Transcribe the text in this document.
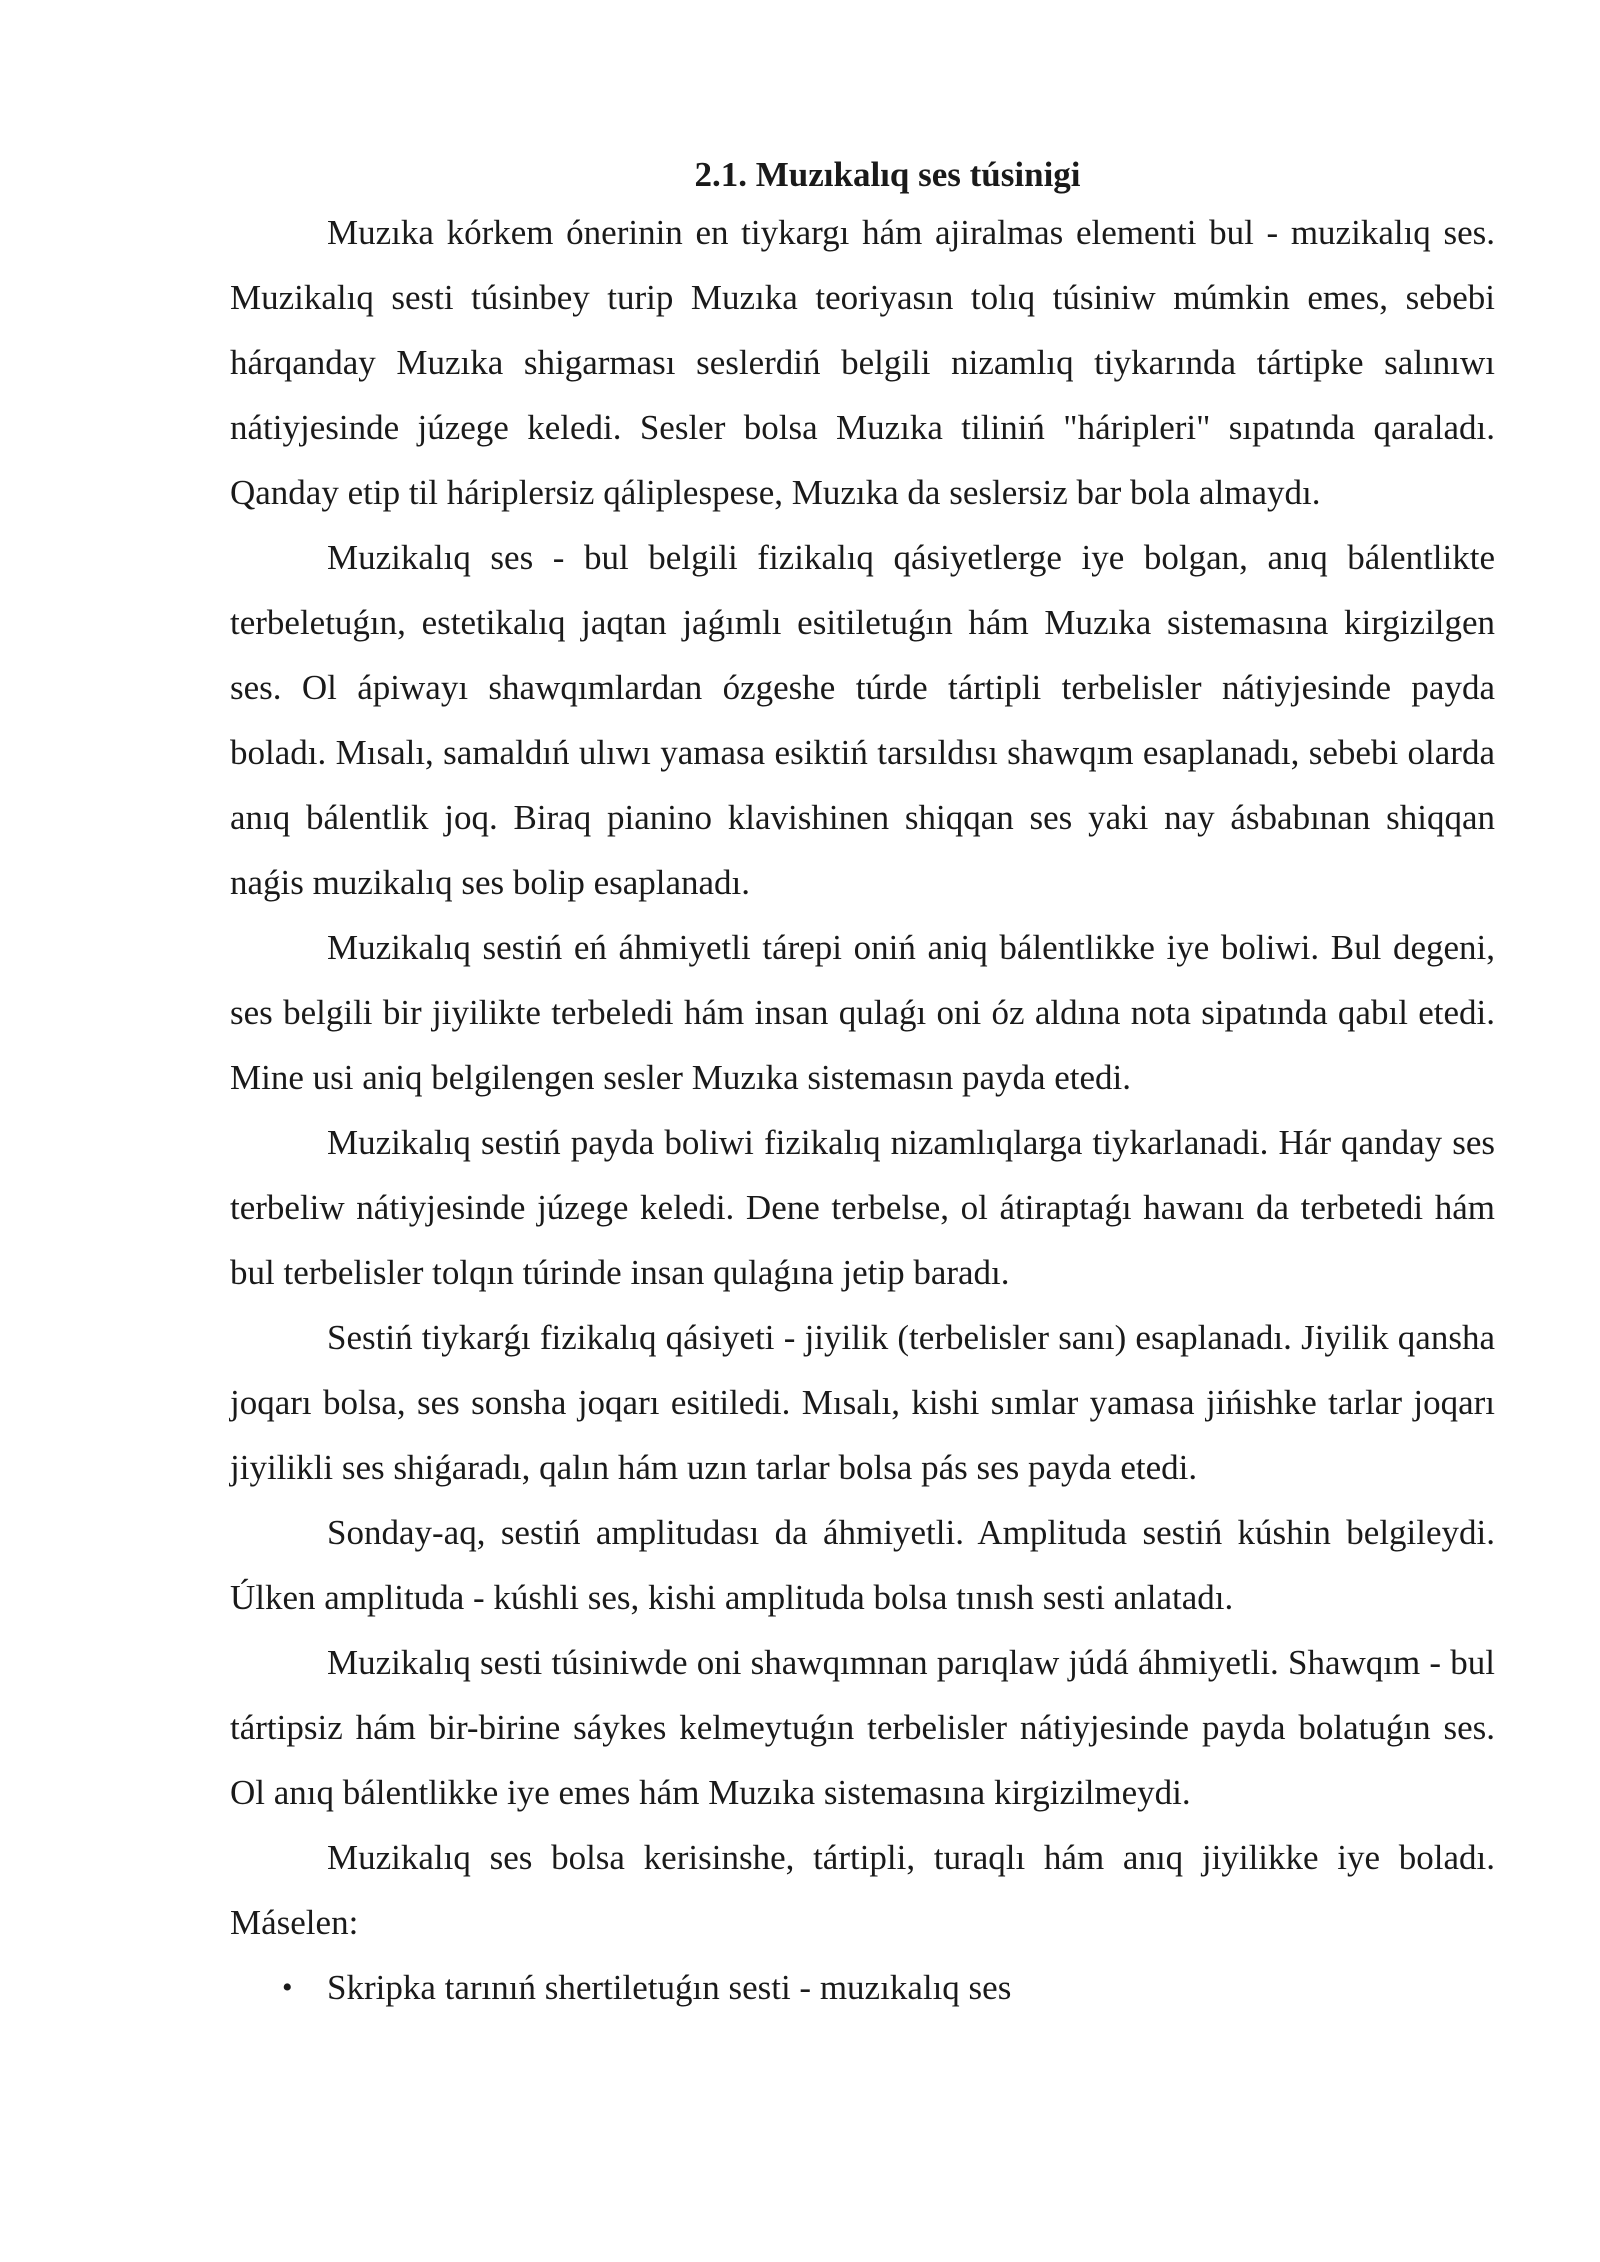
2.1. Muzıkalıq ses túsinigi

Muzıka kórkem ónerinin en tiykargı hám ajiralmas elementi bul - muzikalıq ses. Muzikalıq sesti túsinbey turip Muzıka teoriyasın tolıq túsiniw múmkin emes, sebebi hárqanday Muzıka shigarması seslerdiń belgili nizamlıq tiykarında tártipke salınıwı nátiyjesinde júzege keledi. Sesler bolsa Muzıka tiliniń "háripleri" sıpatında qaraladı. Qanday etip til háriplersiz qáliplespese, Muzıka da seslersiz bar bola almaydı.

Muzikalıq ses - bul belgili fizikalıq qásiyetlerge iye bolgan, anıq bálentlikte terbeletuǵın, estetikalıq jaqtan jaǵımlı esitiletuǵın hám Muzıka sistemasına kirgizilgen ses. Ol ápiwayı shawqımlardan ózgeshe túrde tártipli terbelisler nátiyjesinde payda boladı. Mısalı, samaldıń ulıwı yamasa esiktiń tarsıldısı shawqım esaplanadı, sebebi olarda anıq bálentlik joq. Biraq pianino klavishinen shiqqan ses yaki nay ásbabınan shiqqan naǵis muzikalıq ses bolip esaplanadı.

Muzikalıq sestiń eń áhmiyetli tárepi oniń aniq bálentlikke iye boliwi. Bul degeni, ses belgili bir jiyilikte terbeledi hám insan qulaǵı oni óz aldına nota sipatında qabıl etedi. Mine usi aniq belgilengen sesler Muzıka sistemasın payda etedi.

Muzikalıq sestiń payda boliwi fizikalıq nizamlıqlarga tiykarlanadi. Hár qanday ses terbeliw nátiyjesinde júzege keledi. Dene terbelse, ol átiraptaǵı hawanı da terbetedi hám bul terbelisler tolqın túrinde insan qulaǵına jetip baradı.

Sestiń tiykarǵı fizikalıq qásiyeti - jiyilik (terbelisler sanı) esaplanadı. Jiyilik qansha joqarı bolsa, ses sonsha joqarı esitiledi. Mısalı, kishi sımlar yamasa jińishke tarlar joqarı jiyilikli ses shiǵaradı, qalın hám uzın tarlar bolsa pás ses payda etedi.

Sonday-aq, sestiń amplitudası da áhmiyetli. Amplituda sestiń kúshin belgileydi. Úlken amplituda - kúshli ses, kishi amplituda bolsa tınısh sesti anlatadı.

Muzikalıq sesti túsiniwde oni shawqımnan parıqlaw júdá áhmiyetli. Shawqım - bul tártipsiz hám bir-birine sáykes kelmeytuǵın terbelisler nátiyjesinde payda bolatuǵın ses. Ol anıq bálentlikke iye emes hám Muzıka sistemasına kirgizilmeydi.

Muzikalıq ses bolsa kerisinshe, tártipli, turaqlı hám anıq jiyilikke iye boladı. Máselen:

• Skripka tarınıń shertiletuǵın sesti - muzıkalıq ses
